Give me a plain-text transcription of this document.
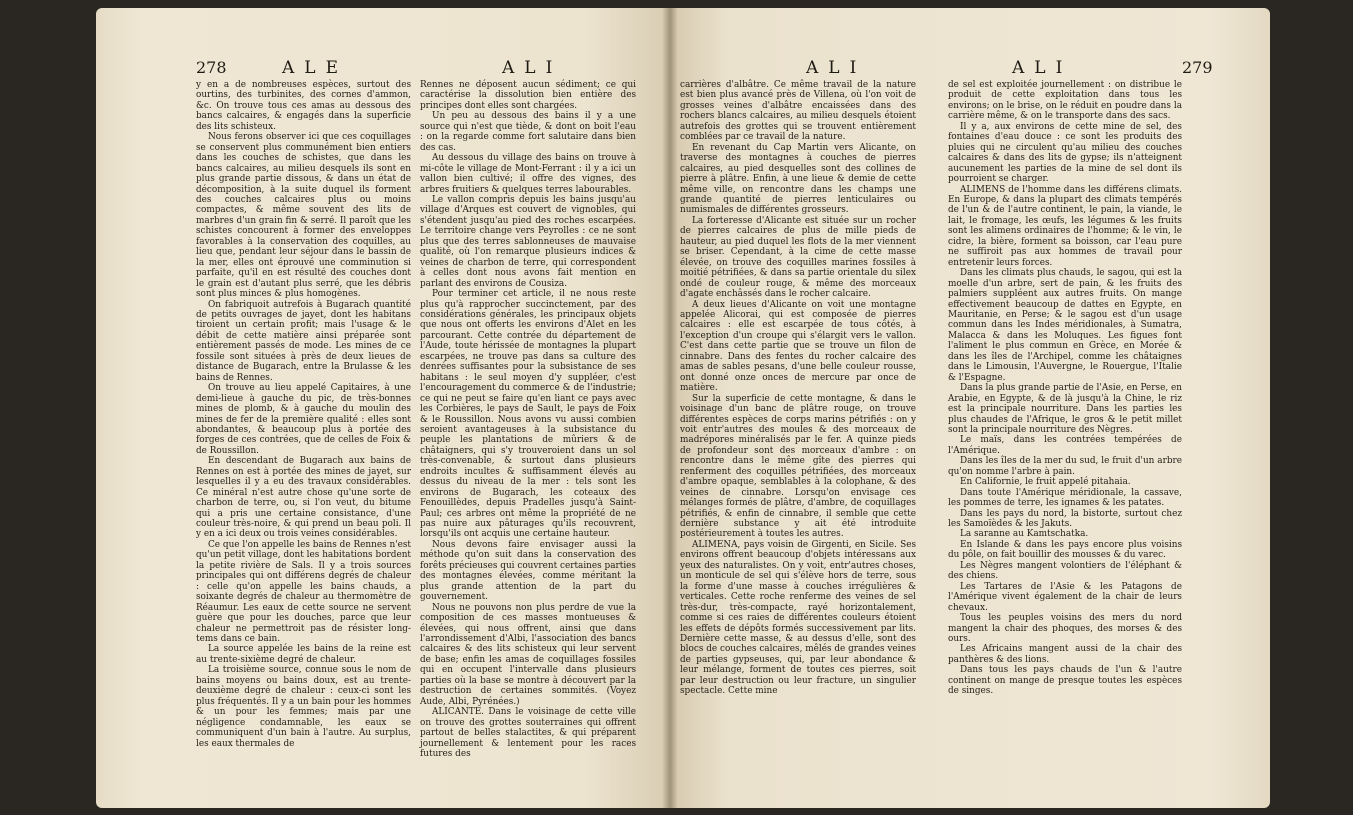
278	ALE	ALI

y en a de nombreuses espèces, surtout des ourtins, des turbinites, des cornes d'ammon, &c. On trouve tous ces amas au dessous des bancs calcaires, & engagés dans la superficie des lits schisteux.

Nous ferons observer ici que ces coquillages se conservent plus communément bien entiers dans les couches de schistes, que dans les bancs calcaires, au milieu desquels ils sont en plus grande partie dissous, & dans un état de décomposition, à la suite duquel ils forment des couches calcaires plus ou moins compactes, & même souvent des lits de marbres d'un grain fin & serré. Il paroît que les schistes concourent à former des enveloppes favorables à la conservation des coquilles, au lieu que, pendant leur séjour dans le bassin de la mer, elles ont éprouvé une comminution si parfaite, qu'il en est résulté des couches dont le grain est d'autant plus serré, que les débris sont plus minces & plus homogènes.

On fabriquoit autrefois à Bugarach quantité de petits ouvrages de jayet, dont les habitans tiroient un certain profit; mais l'usage & le débit de cette matière ainsi préparée sont entièrement passés de mode. Les mines de ce fossile sont situées à près de deux lieues de distance de Bugarach, entre la Brulasse & les bains de Rennes.

On trouve au lieu appelé Capitaires, à une demi-lieue à gauche du pic, de très-bonnes mines de plomb, & à gauche du moulin des mines de fer de la première qualité : elles sont abondantes, & beaucoup plus à portée des forges de ces contrées, que de celles de Foix & de Roussillon.

En descendant de Bugarach aux bains de Rennes on est à portée des mines de jayet, sur lesquelles il y a eu des travaux considérables. Ce minéral n'est autre chose qu'une sorte de charbon de terre, ou, si l'on veut, du bitume qui a pris une certaine consistance, d'une couleur très-noire, & qui prend un beau poli. Il y en a ici deux ou trois veines considérables.

Ce que l'on appelle les bains de Rennes n'est qu'un petit village, dont les habitations bordent la petite rivière de Sals. Il y a trois sources principales qui ont différens degrés de chaleur : celle qu'on appelle les bains chauds, a soixante degrés de chaleur au thermomètre de Réaumur. Les eaux de cette source ne servent guère que pour les douches, parce que leur chaleur ne permettroit pas de résister long-tems dans ce bain.

La source appelée les bains de la reine est au trente-sixième degré de chaleur.

La troisième source, connue sous le nom de bains moyens ou bains doux, est au trente-deuxième degré de chaleur : ceux-ci sont les plus fréquentés. Il y a un bain pour les hommes & un pour les femmes; mais par une négligence condamnable, les eaux se communiquent d'un bain à l'autre. Au surplus, les eaux thermales de

Rennes ne déposent aucun sédiment; ce qui caractérise la dissolution bien entière des principes dont elles sont chargées.

Un peu au dessous des bains il y a une source qui n'est que tiède, & dont on boit l'eau : on la regarde comme fort salutaire dans bien des cas.

Au dessous du village des bains on trouve à mi-côte le village de Mont-Ferrant : il y a ici un vallon bien cultivé; il offre des vignes, des arbres fruitiers & quelques terres labourables.

Le vallon compris depuis les bains jusqu'au village d'Arques est couvert de vignobles, qui s'étendent jusqu'au pied des roches escarpées. Le territoire change vers Peyrolles : ce ne sont plus que des terres sablonneuses de mauvaise qualité, où l'on remarque plusieurs indices & veines de charbon de terre, qui correspondent à celles dont nous avons fait mention en parlant des environs de Cousiza.

Pour terminer cet article, il ne nous reste plus qu'à rapprocher succinctement, par des considérations générales, les principaux objets que nous ont offerts les environs d'Alet en les parcourant. Cette contrée du département de l'Aude, toute hérissée de montagnes la plupart escarpées, ne trouve pas dans sa culture des denrées suffisantes pour la subsistance de ses habitans : le seul moyen d'y suppléer, c'est l'encouragement du commerce & de l'industrie; ce qui ne peut se faire qu'en liant ce pays avec les Corbières, le pays de Sault, le pays de Foix & le Roussillon. Nous avons vu aussi combien seroient avantageuses à la subsistance du peuple les plantations de mûriers & de châtaigners, qui s'y trouveroient dans un sol très-convenable, & surtout dans plusieurs endroits incultes & suffisamment élevés au dessus du niveau de la mer : tels sont les environs de Bugarach, les coteaux des Fenouillèdes, depuis Pradelles jusqu'à Saint-Paul; ces arbres ont même la propriété de ne pas nuire aux pâturages qu'ils recouvrent, lorsqu'ils ont acquis une certaine hauteur.

Nous devons faire envisager aussi la méthode qu'on suit dans la conservation des forêts précieuses qui couvrent certaines parties des montagnes élevées, comme méritant la plus grande attention de la part du gouvernement.

Nous ne pouvons non plus perdre de vue la composition de ces masses montueuses & élevées, qui nous offrent, ainsi que dans l'arrondissement d'Albi, l'association des bancs calcaires & des lits schisteux qui leur servent de base; enfin les amas de coquillages fossiles qui en occupent l'intervalle dans plusieurs parties où la base se montre à découvert par la destruction de certaines sommités. (Voyez Aude, Albi, Pyrénées.)

ALICANTE. Dans le voisinage de cette ville on trouve des grottes souterraines qui offrent partout de belles stalactites, & qui préparent journellement & lentement pour les races futures des

ALI	ALI	279

carrières d'albâtre. Ce même travail de la nature est bien plus avancé près de Villena, où l'on voit de grosses veines d'albâtre encaissées dans des rochers blancs calcaires, au milieu desquels étoient autrefois des grottes qui se trouvent entièrement comblées par ce travail de la nature.

En revenant du Cap Martin vers Alicante, on traverse des montagnes à couches de pierres calcaires, au pied desquelles sont des collines de pierre à plâtre. Enfin, à une lieue & demie de cette même ville, on rencontre dans les champs une grande quantité de pierres lenticulaires ou numismales de différentes grosseurs.

La forteresse d'Alicante est située sur un rocher de pierres calcaires de plus de mille pieds de hauteur, au pied duquel les flots de la mer viennent se briser. Cependant, à la cime de cette masse élevée, on trouve des coquilles marines fossiles à moitié pétrifiées, & dans sa partie orientale du silex ondé de couleur rouge, & même des morceaux d'agate enchâssés dans le rocher calcaire.

A deux lieues d'Alicante on voit une montagne appelée Alicorai, qui est composée de pierres calcaires : elle est escarpée de tous côtés, à l'exception d'un croupe qui s'élargit vers le vallon. C'est dans cette partie que se trouve un filon de cinnabre. Dans des fentes du rocher calcaire des amas de sables pesans, d'une belle couleur rousse, ont donné onze onces de mercure par once de matière.

Sur la superficie de cette montagne, & dans le voisinage d'un banc de plâtre rouge, on trouve différentes espèces de corps marins pétrifiés : on y voit entr'autres des moules & des morceaux de madrépores minéralisés par le fer. A quinze pieds de profondeur sont des morceaux d'ambre : on rencontre dans le même gîte des pierres qui renferment des coquilles pétrifiées, des morceaux d'ambre opaque, semblables à la colophane, & des veines de cinnabre. Lorsqu'on envisage ces mélanges formés de plâtre, d'ambre, de coquillages pétrifiés, & enfin de cinnabre, il semble que cette dernière substance y ait été introduite postérieurement à toutes les autres.

ALIMENA, pays voisin de Girgenti, en Sicile. Ses environs offrent beaucoup d'objets intéressans aux yeux des naturalistes. On y voit, entr'autres choses, un monticule de sel qui s'élève hors de terre, sous la forme d'une masse à couches irrégulières & verticales. Cette roche renferme des veines de sel très-dur, très-compacte, rayé horizontalement, comme si ces raies de différentes couleurs étoient les effets de dépôts formés successivement par lits. Dernière cette masse, & au dessus d'elle, sont des blocs de couches calcaires, mêlés de grandes veines de parties gypseuses, qui, par leur abondance & leur mélange, forment de toutes ces pierres, soit par leur destruction ou leur fracture, un singulier spectacle. Cette mine

de sel est exploitée journellement : on distribue le produit de cette exploitation dans tous les environs; on le brise, on le réduit en poudre dans la carrière même, & on le transporte dans des sacs.

Il y a, aux environs de cette mine de sel, des fontaines d'eau douce : ce sont les produits des pluies qui ne circulent qu'au milieu des couches calcaires & dans des lits de gypse; ils n'atteignent aucunement les parties de la mine de sel dont ils pourroient se charger.

ALIMENS de l'homme dans les différens climats. En Europe, & dans la plupart des climats tempérés de l'un & de l'autre continent, le pain, la viande, le lait, le fromage, les œufs, les légumes & les fruits sont les alimens ordinaires de l'homme; & le vin, le cidre, la bière, forment sa boisson, car l'eau pure ne suffiroit pas aux hommes de travail pour entretenir leurs forces.

Dans les climats plus chauds, le sagou, qui est la moelle d'un arbre, sert de pain, & les fruits des palmiers suppléent aux autres fruits. On mange effectivement beaucoup de dattes en Egypte, en Mauritanie, en Perse; & le sagou est d'un usage commun dans les Indes méridionales, à Sumatra, Malacca & dans les Moluques. Les figues font l'aliment le plus commun en Grèce, en Morée & dans les îles de l'Archipel, comme les châtaignes dans le Limousin, l'Auvergne, le Rouergue, l'Italie & l'Espagne.

Dans la plus grande partie de l'Asie, en Perse, en Arabie, en Egypte, & de là jusqu'à la Chine, le riz est la principale nourriture. Dans les parties les plus chaudes de l'Afrique, le gros & le petit millet sont la principale nourriture des Nègres.

Le maïs, dans les contrées tempérées de l'Amérique.

Dans les îles de la mer du sud, le fruit d'un arbre qu'on nomme l'arbre à pain.

En Californie, le fruit appelé pitahaia.

Dans toute l'Amérique méridionale, la cassave, les pommes de terre, les ignames & les patates.

Dans les pays du nord, la bistorte, surtout chez les Samoïèdes & les Jakuts.

La saranne au Kamtschatka.

En Islande & dans les pays encore plus voisins du pôle, on fait bouillir des mousses & du varec.

Les Nègres mangent volontiers de l'éléphant & des chiens.

Les Tartares de l'Asie & les Patagons de l'Amérique vivent également de la chair de leurs chevaux.

Tous les peuples voisins des mers du nord mangent la chair des phoques, des morses & des ours.

Les Africains mangent aussi de la chair des panthères & des lions.

Dans tous les pays chauds de l'un & l'autre continent on mange de presque toutes les espèces de singes.
